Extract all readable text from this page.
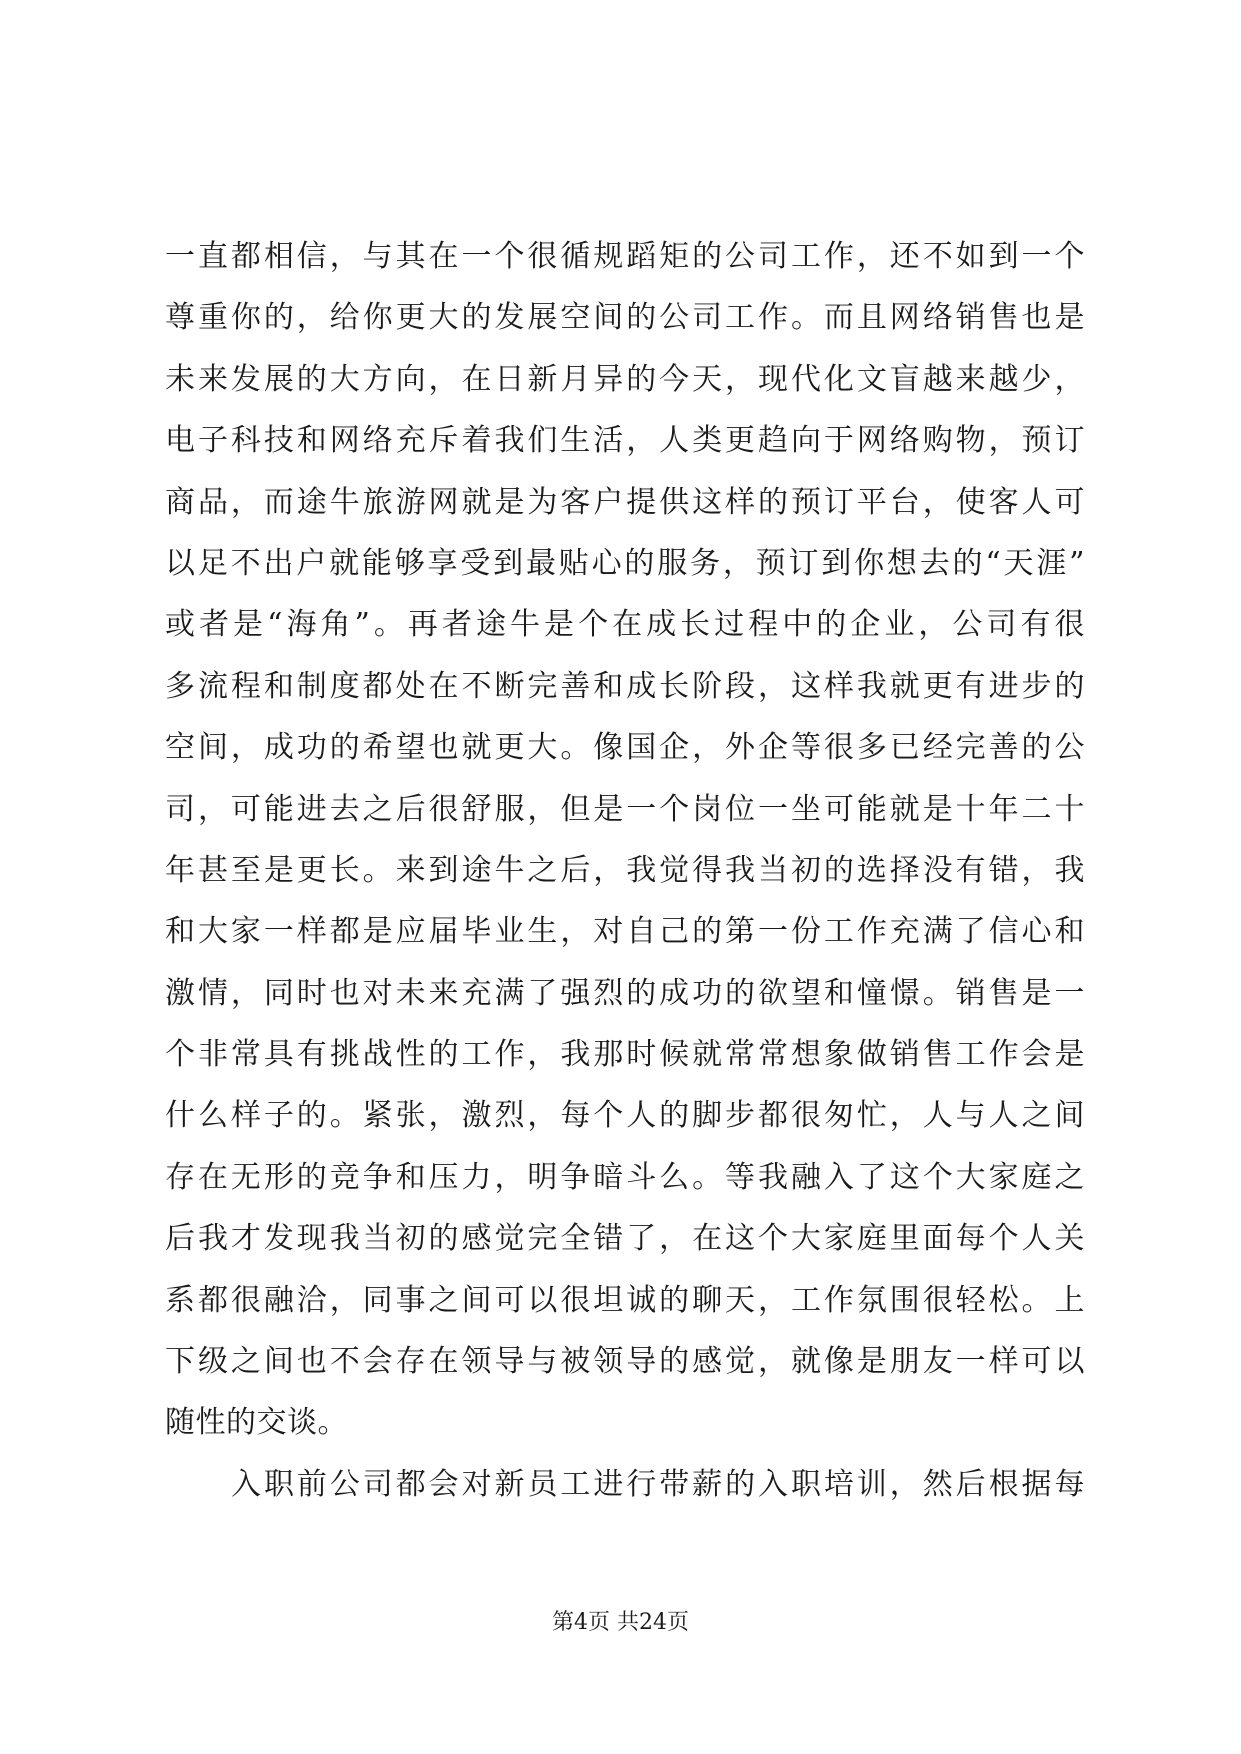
一直都相信，与其在一个很循规蹈矩的公司工作，还不如到一个
尊重你的，给你更大的发展空间的公司工作。而且网络销售也是
未来发展的大方向，在日新月异的今天，现代化文盲越来越少，
电子科技和网络充斥着我们生活，人类更趋向于网络购物，预订
商品，而途牛旅游网就是为客户提供这样的预订平台，使客人可
以足不出户就能够享受到最贴心的服务，预订到你想去的“天涯”
或者是“海角”。再者途牛是个在成长过程中的企业，公司有很
多流程和制度都处在不断完善和成长阶段，这样我就更有进步的
空间，成功的希望也就更大。像国企，外企等很多已经完善的公
司，可能进去之后很舒服，但是一个岗位一坐可能就是十年二十
年甚至是更长。来到途牛之后，我觉得我当初的选择没有错，我
和大家一样都是应届毕业生，对自己的第一份工作充满了信心和
激情，同时也对未来充满了强烈的成功的欲望和憧憬。销售是一
个非常具有挑战性的工作，我那时候就常常想象做销售工作会是
什么样子的。紧张，激烈，每个人的脚步都很匆忙，人与人之间
存在无形的竞争和压力，明争暗斗么。等我融入了这个大家庭之
后我才发现我当初的感觉完全错了，在这个大家庭里面每个人关
系都很融洽，同事之间可以很坦诚的聊天，工作氛围很轻松。上
下级之间也不会存在领导与被领导的感觉，就像是朋友一样可以
随性的交谈。
入职前公司都会对新员工进行带薪的入职培训，然后根据每
第4页 共24页
